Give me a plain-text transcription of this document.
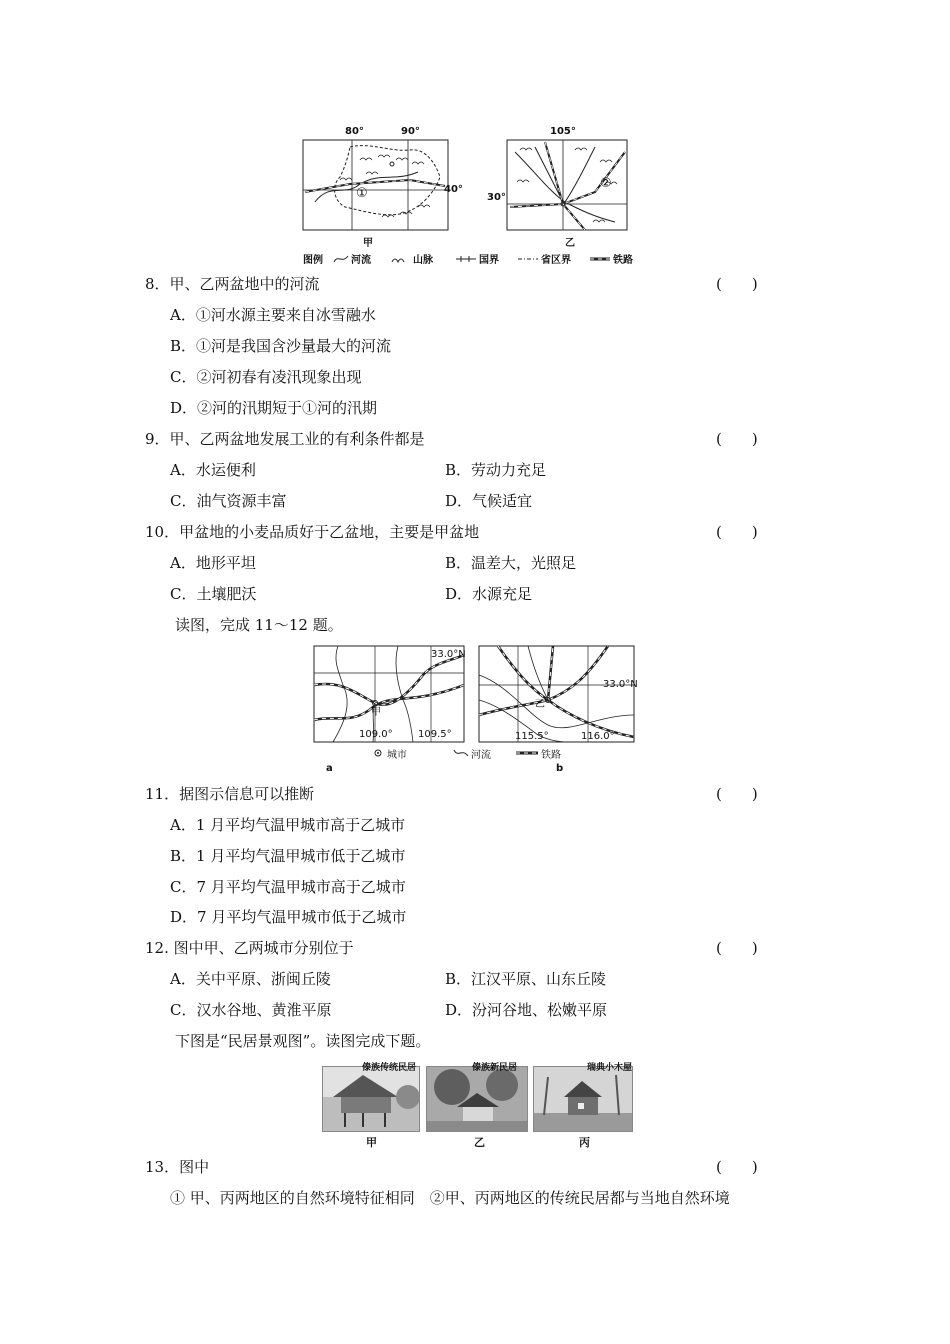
80°	90°
40°
①
甲
105°
30°
②
乙
图例	河流	山脉	国界	省区界	铁路
8．甲、乙两盆地中的河流	(　　)
A．①河水源主要来自冰雪融水
B．①河是我国含沙量最大的河流
C．②河初春有凌汛现象出现
D．②河的汛期短于①河的汛期
9．甲、乙两盆地发展工业的有利条件都是	(　　)
A．水运便利	B．劳动力充足
C．油气资源丰富	D．气候适宜
10．甲盆地的小麦品质好于乙盆地，主要是甲盆地	(　　)
A．地形平坦	B．温差大，光照足
C．土壤肥沃	D．水源充足
读图，完成 11～12 题。
33.0°N
109.0°	109.5°
甲
a
33.0°N
115.5°	116.0°
乙
b
城市	河流	铁路
11．据图示信息可以推断	(　　)
A．1 月平均气温甲城市高于乙城市
B．1 月平均气温甲城市低于乙城市
C．7 月平均气温甲城市高于乙城市
D．7 月平均气温甲城市低于乙城市
12. 图中甲、乙两城市分别位于	(　　)
A．关中平原、浙闽丘陵	B．江汉平原、山东丘陵
C．汉水谷地、黄淮平原	D．汾河谷地、松嫩平原
下图是“民居景观图”。读图完成下题。
傣族传统民居
甲
傣族新民居
乙
瑞典小木屋
丙
13．图中	(　　)
① 甲、丙两地区的自然环境特征相同　②甲、丙两地区的传统民居都与当地自然环境
